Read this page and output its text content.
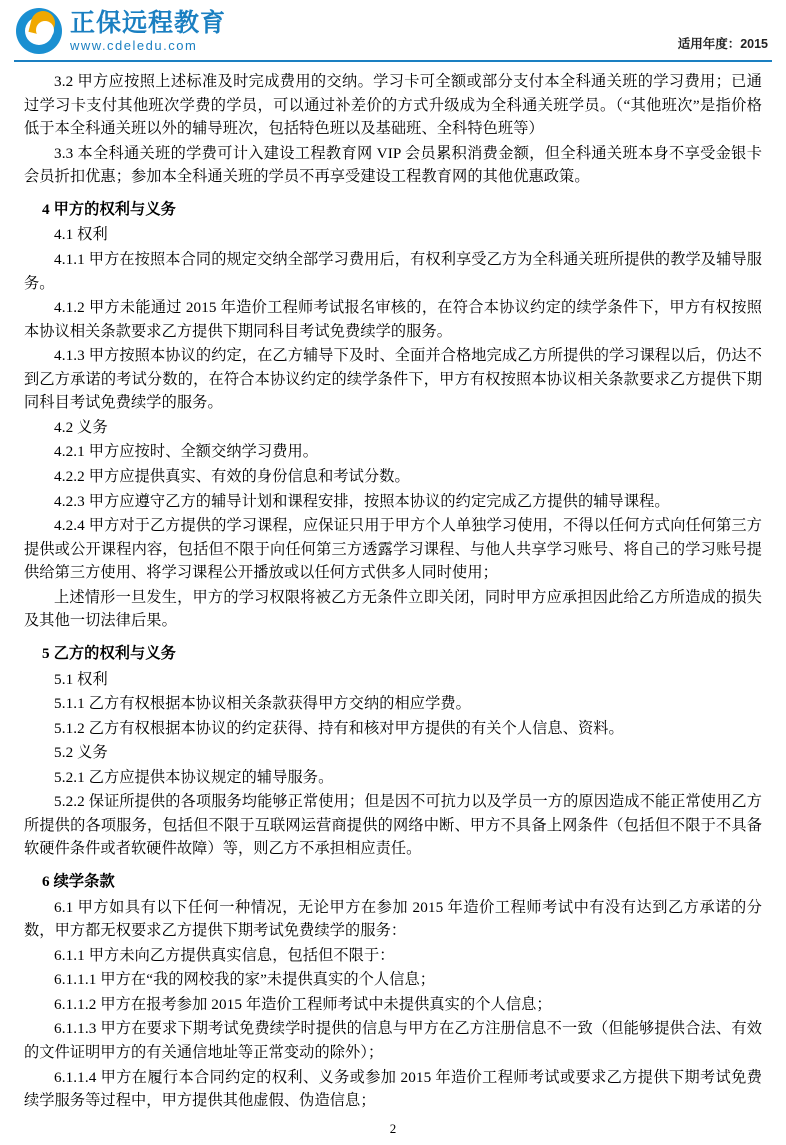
正保远程教育
www.cdeledu.com	适用年度：2015

3.2 甲方应按照上述标准及时完成费用的交纳。学习卡可全额或部分支付本全科通关班的学习费用；已通过学习卡支付其他班次学费的学员，可以通过补差价的方式升级成为全科通关班学员。（“其他班次”是指价格低于本全科通关班以外的辅导班次，包括特色班以及基础班、全科特色班等）

3.3 本全科通关班的学费可计入建设工程教育网 VIP 会员累积消费金额，但全科通关班本身不享受金银卡会员折扣优惠；参加本全科通关班的学员不再享受建设工程教育网的其他优惠政策。

4 甲方的权利与义务

4.1 权利

4.1.1 甲方在按照本合同的规定交纳全部学习费用后，有权利享受乙方为全科通关班所提供的教学及辅导服务。

4.1.2 甲方未能通过 2015 年造价工程师考试报名审核的，在符合本协议约定的续学条件下，甲方有权按照本协议相关条款要求乙方提供下期同科目考试免费续学的服务。

4.1.3 甲方按照本协议的约定，在乙方辅导下及时、全面并合格地完成乙方所提供的学习课程以后，仍达不到乙方承诺的考试分数的，在符合本协议约定的续学条件下，甲方有权按照本协议相关条款要求乙方提供下期同科目考试免费续学的服务。

4.2 义务

4.2.1 甲方应按时、全额交纳学习费用。

4.2.2 甲方应提供真实、有效的身份信息和考试分数。

4.2.3 甲方应遵守乙方的辅导计划和课程安排，按照本协议的约定完成乙方提供的辅导课程。

4.2.4 甲方对于乙方提供的学习课程，应保证只用于甲方个人单独学习使用，不得以任何方式向任何第三方提供或公开课程内容，包括但不限于向任何第三方透露学习课程、与他人共享学习账号、将自己的学习账号提供给第三方使用、将学习课程公开播放或以任何方式供多人同时使用；

上述情形一旦发生，甲方的学习权限将被乙方无条件立即关闭，同时甲方应承担因此给乙方所造成的损失及其他一切法律后果。

5 乙方的权利与义务

5.1 权利

5.1.1 乙方有权根据本协议相关条款获得甲方交纳的相应学费。

5.1.2 乙方有权根据本协议的约定获得、持有和核对甲方提供的有关个人信息、资料。

5.2 义务

5.2.1 乙方应提供本协议规定的辅导服务。

5.2.2 保证所提供的各项服务均能够正常使用；但是因不可抗力以及学员一方的原因造成不能正常使用乙方所提供的各项服务，包括但不限于互联网运营商提供的网络中断、甲方不具备上网条件（包括但不限于不具备软硬件条件或者软硬件故障）等，则乙方不承担相应责任。

6 续学条款

6.1 甲方如具有以下任何一种情况，无论甲方在参加 2015 年造价工程师考试中有没有达到乙方承诺的分数，甲方都无权要求乙方提供下期考试免费续学的服务：

6.1.1 甲方未向乙方提供真实信息，包括但不限于：

6.1.1.1 甲方在“我的网校我的家”未提供真实的个人信息；

6.1.1.2 甲方在报考参加 2015 年造价工程师考试中未提供真实的个人信息；

6.1.1.3 甲方在要求下期考试免费续学时提供的信息与甲方在乙方注册信息不一致（但能够提供合法、有效的文件证明甲方的有关通信地址等正常变动的除外）；

6.1.1.4 甲方在履行本合同约定的权利、义务或参加 2015 年造价工程师考试或要求乙方提供下期考试免费续学服务等过程中，甲方提供其他虚假、伪造信息；

2
